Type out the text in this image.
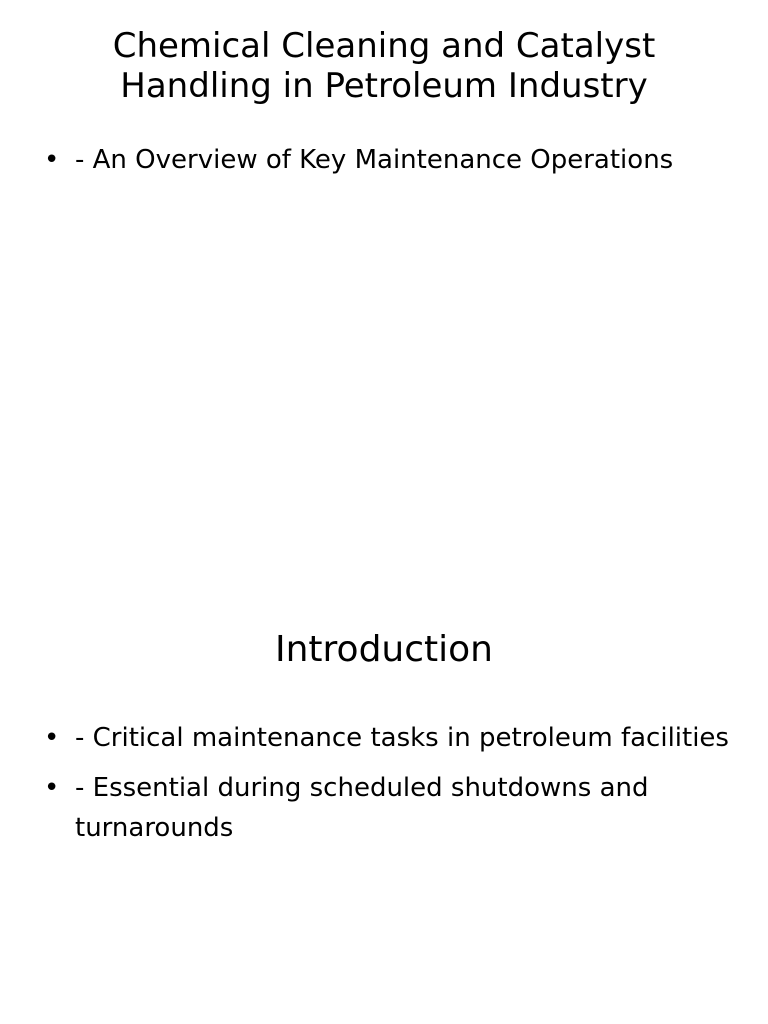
Chemical Cleaning and Catalyst Handling in Petroleum Industry
• - An Overview of Key Maintenance Operations
Introduction
• - Critical maintenance tasks in petroleum facilities
• - Essential during scheduled shutdowns and turnarounds
